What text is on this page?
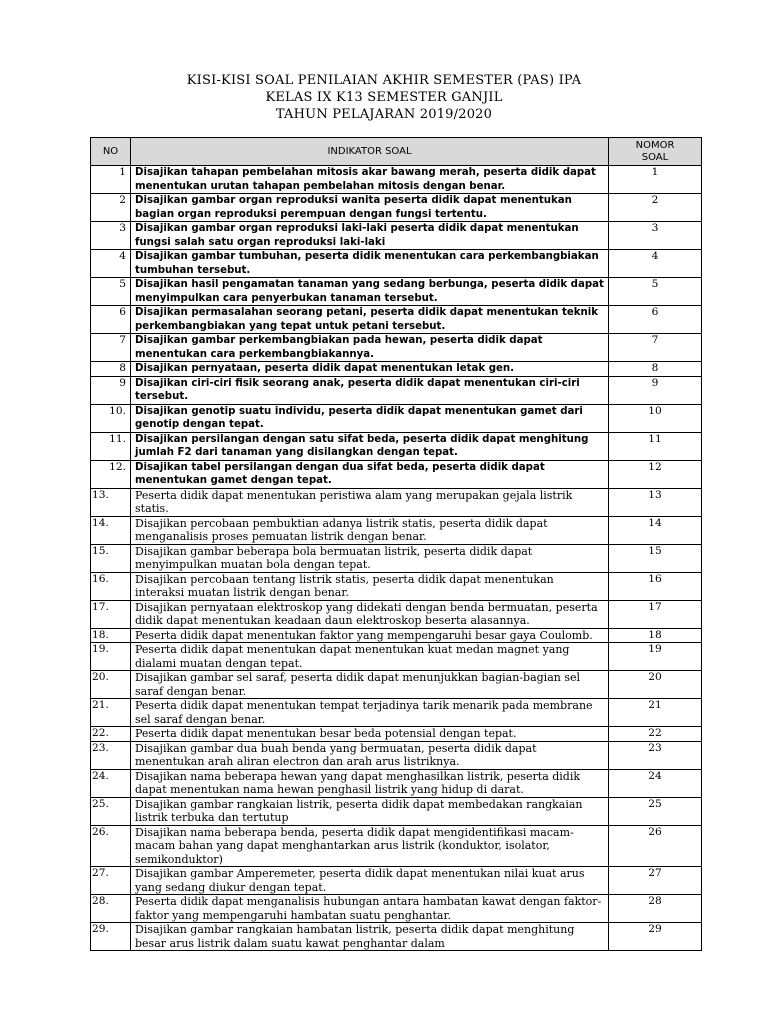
KISI-KISI SOAL PENILAIAN AKHIR SEMESTER (PAS) IPA
KELAS IX K13 SEMESTER GANJIL
TAHUN PELAJARAN 2019/2020
NO	INDIKATOR SOAL	NOMOR
SOAL

1	Disajikan tahapan pembelahan mitosis akar bawang merah, peserta didik dapat menentukan urutan tahapan pembelahan mitosis dengan benar.	1
2	Disajikan gambar organ reproduksi wanita peserta didik dapat menentukan bagian organ reproduksi perempuan dengan fungsi tertentu.	2
3	Disajikan gambar organ reproduksi laki-laki peserta didik dapat menentukan fungsi salah satu organ reproduksi laki-laki	3
4	Disajikan gambar tumbuhan, peserta didik menentukan cara perkembangbiakan tumbuhan tersebut.	4
5	Disajikan hasil pengamatan tanaman yang sedang berbunga, peserta didik dapat menyimpulkan cara penyerbukan tanaman tersebut.	5
6	Disajikan permasalahan seorang petani, peserta didik dapat menentukan teknik perkembangbiakan yang tepat untuk petani tersebut.	6
7	Disajikan gambar perkembangbiakan pada hewan, peserta didik dapat menentukan cara perkembangbiakannya.	7
8	Disajikan pernyataan, peserta didik dapat menentukan letak gen.	8
9	Disajikan ciri-ciri fisik seorang anak, peserta didik dapat menentukan ciri-ciri tersebut.	9
10.	Disajikan genotip suatu individu, peserta didik dapat menentukan gamet dari genotip dengan tepat.	10
11.	Disajikan persilangan dengan satu sifat beda, peserta didik dapat menghitung jumlah F2 dari tanaman yang disilangkan dengan tepat.	11
12.	Disajikan tabel persilangan dengan dua sifat beda, peserta didik dapat menentukan gamet dengan tepat.	12
13.	Peserta didik dapat menentukan peristiwa alam yang merupakan gejala listrik statis.	13
14.	Disajikan percobaan pembuktian adanya listrik statis, peserta didik dapat menganalisis proses pemuatan listrik dengan benar.	14
15.	Disajikan gambar beberapa bola bermuatan listrik, peserta didik dapat menyimpulkan muatan bola dengan tepat.	15
16.	Disajikan percobaan tentang listrik statis, peserta didik dapat menentukan interaksi muatan listrik dengan benar.	16
17.	Disajikan pernyataan elektroskop yang didekati dengan benda bermuatan, peserta didik dapat menentukan keadaan daun elektroskop beserta alasannya.	17
18.	Peserta didik dapat menentukan faktor yang mempengaruhi besar gaya Coulomb.	18
19.	Peserta didik dapat menentukan dapat menentukan kuat medan magnet yang dialami muatan dengan tepat.	19
20.	Disajikan gambar sel saraf, peserta didik dapat menunjukkan bagian-bagian sel saraf dengan benar.	20
21.	Peserta didik dapat menentukan tempat terjadinya tarik menarik pada membrane sel saraf dengan benar.	21
22.	Peserta didik dapat menentukan besar beda potensial dengan tepat.	22
23.	Disajikan gambar dua buah benda yang bermuatan, peserta didik dapat menentukan arah aliran electron dan arah arus listriknya.	23
24.	Disajikan nama beberapa hewan yang dapat menghasilkan listrik, peserta didik dapat menentukan nama hewan penghasil listrik yang hidup di darat.	24
25.	Disajikan gambar rangkaian listrik, peserta didik dapat membedakan rangkaian listrik terbuka dan tertutup	25
26.	Disajikan nama beberapa benda, peserta didik dapat mengidentifikasi macam-macam bahan yang dapat menghantarkan arus listrik (konduktor, isolator, semikonduktor)	26
27.	Disajikan gambar Amperemeter, peserta didik dapat menentukan nilai kuat arus yang sedang diukur dengan tepat.	27
28.	Peserta didik dapat menganalisis hubungan antara hambatan kawat dengan faktor-faktor yang mempengaruhi hambatan suatu penghantar.	28
29.	Disajikan gambar rangkaian hambatan listrik, peserta didik dapat menghitung besar arus listrik dalam suatu kawat penghantar dalam	29
